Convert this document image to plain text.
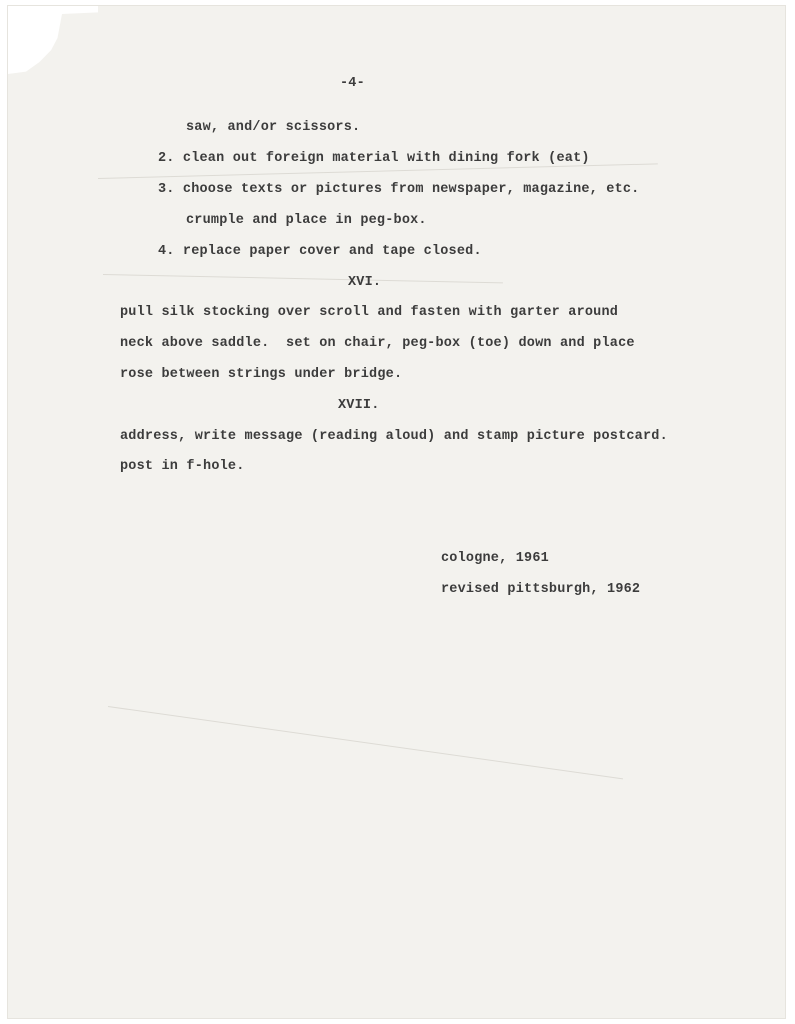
-4-
saw, and/or scissors.
2. clean out foreign material with dining fork (eat)
3. choose texts or pictures from newspaper, magazine, etc.
crumple and place in peg-box.
4. replace paper cover and tape closed.
XVI.
pull silk stocking over scroll and fasten with garter around
neck above saddle.  set on chair, peg-box (toe) down and place
rose between strings under bridge.
XVII.
address, write message (reading aloud) and stamp picture postcard.
post in f-hole.
cologne, 1961
revised pittsburgh, 1962
